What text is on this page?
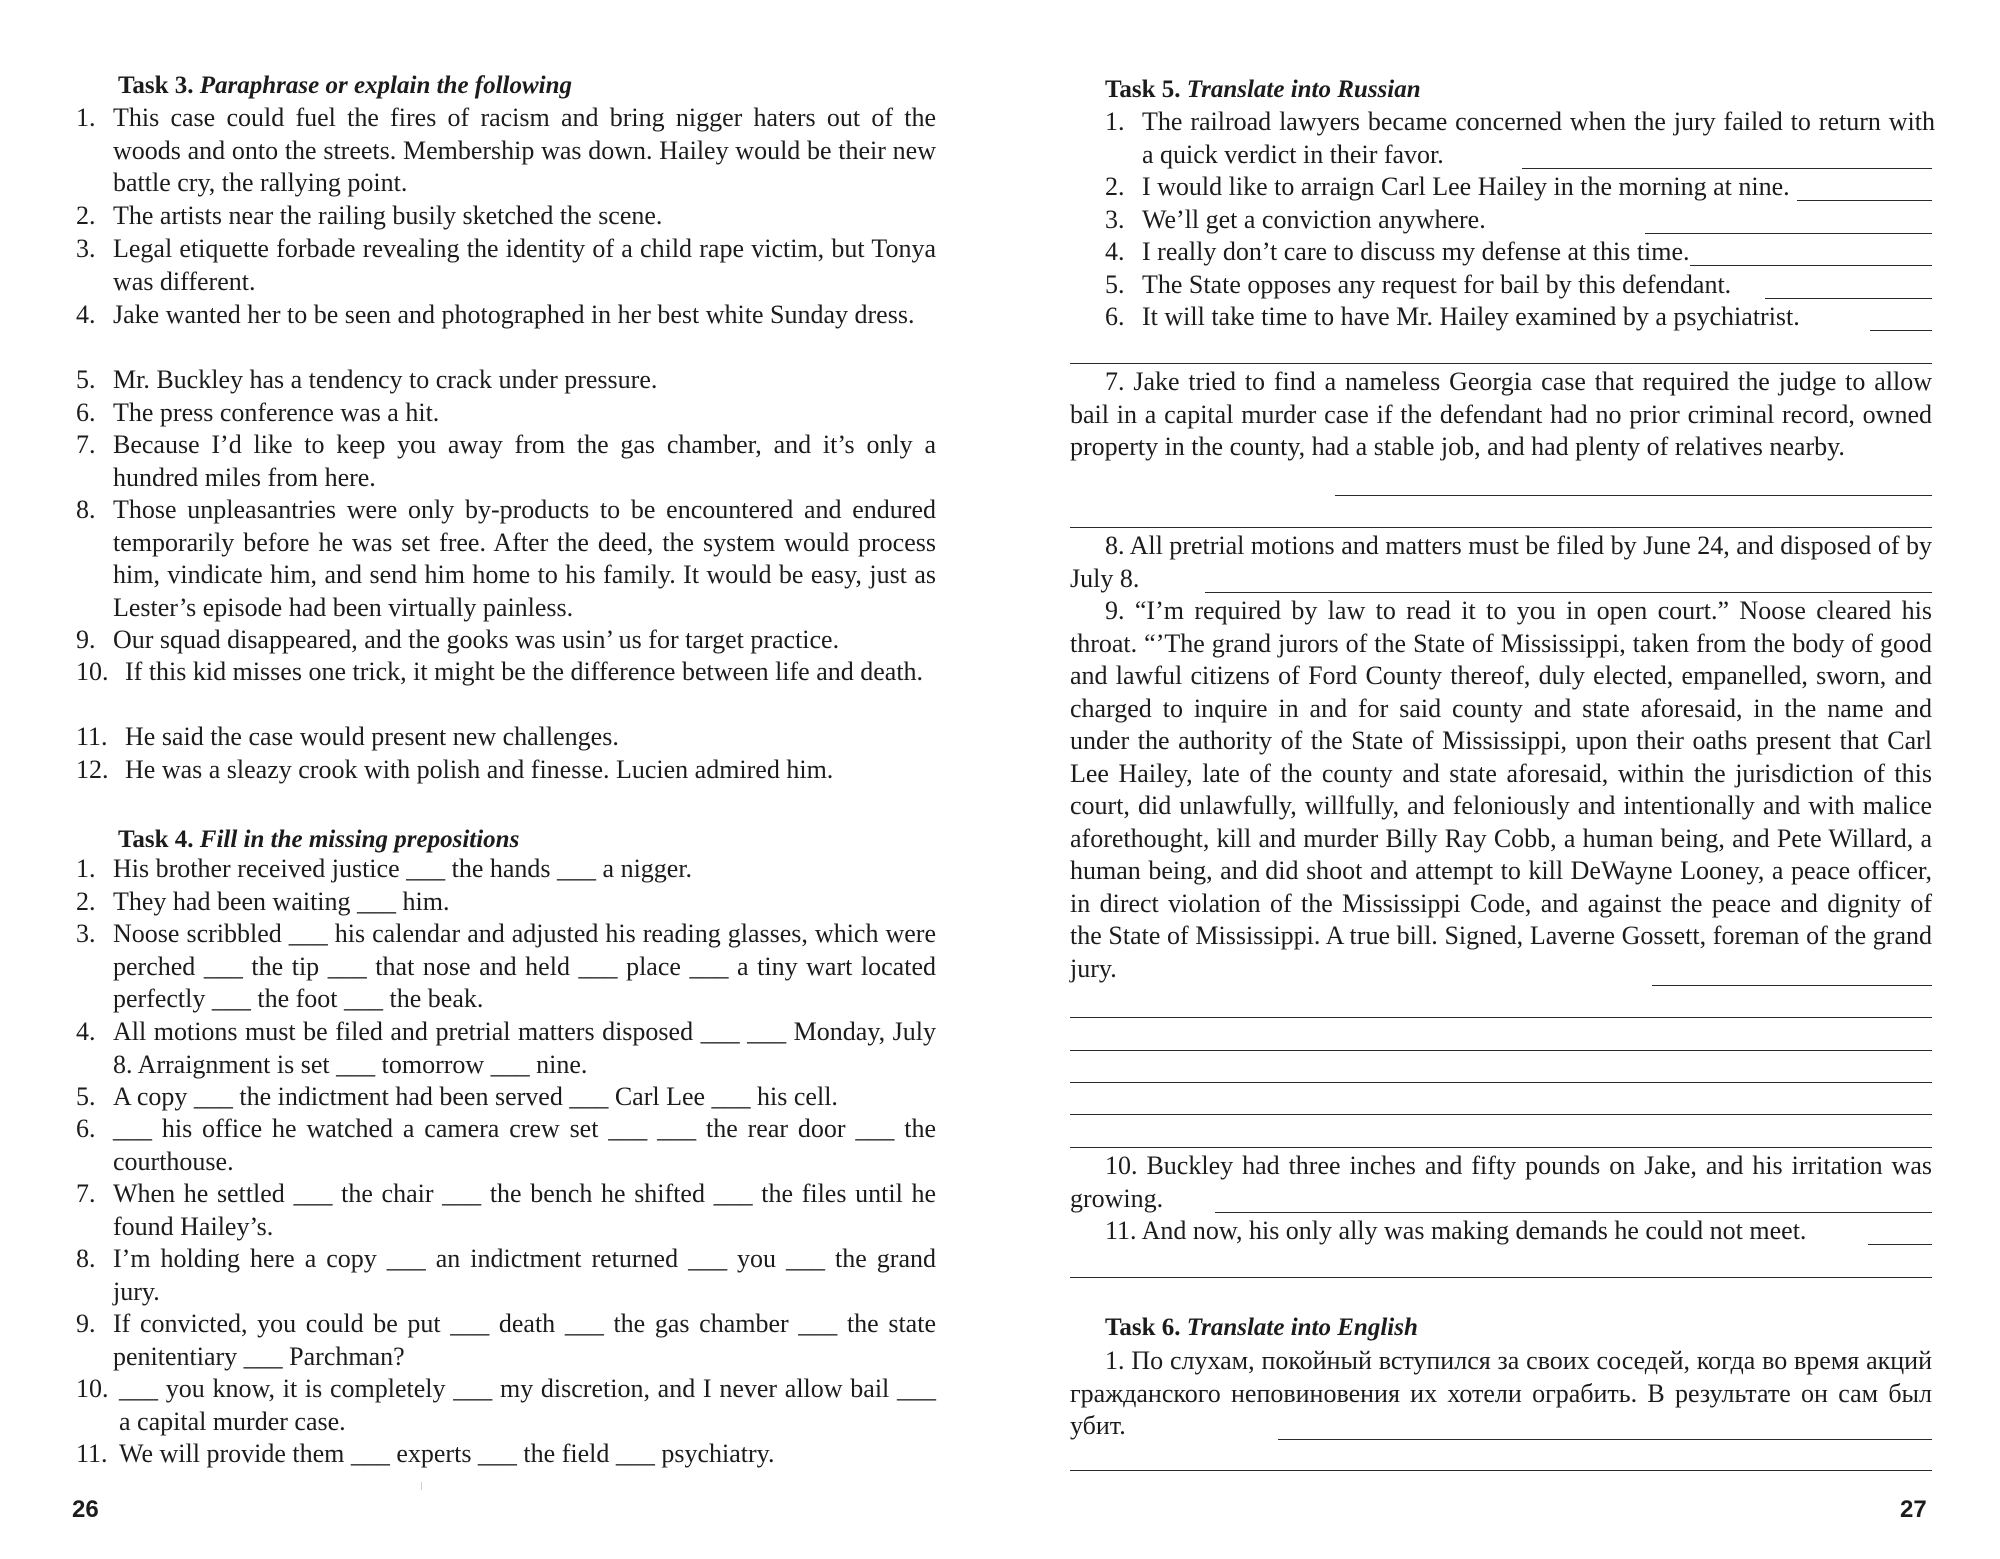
Task 3. Paraphrase or explain the following
1. This case could fuel the fires of racism and bring nigger haters out of the woods and onto the streets. Membership was down. Hailey would be their new battle cry, the rallying point.
2. The artists near the railing busily sketched the scene.
3. Legal etiquette forbade revealing the identity of a child rape victim, but Tonya was different.
4. Jake wanted her to be seen and photographed in her best white Sunday dress.
5. Mr. Buckley has a tendency to crack under pressure.
6. The press conference was a hit.
7. Because I’d like to keep you away from the gas chamber, and it’s only a hundred miles from here.
8. Those unpleasantries were only by-products to be encountered and endured temporarily before he was set free. After the deed, the system would process him, vindicate him, and send him home to his family. It would be easy, just as Lester’s episode had been virtually painless.
9. Our squad disappeared, and the gooks was usin’ us for target practice.
10. If this kid misses one trick, it might be the difference between life and death.
11. He said the case would present new challenges.
12. He was a sleazy crook with polish and finesse. Lucien admired him.
Task 4. Fill in the missing prepositions
1. His brother received justice ___ the hands ___ a nigger.
2. They had been waiting ___ him.
3. Noose scribbled ___ his calendar and adjusted his reading glasses, which were perched ___ the tip ___ that nose and held ___ place ___ a tiny wart located perfectly ___ the foot ___ the beak.
4. All motions must be filed and pretrial matters disposed ___ ___ Monday, July 8. Arraignment is set ___ tomorrow ___ nine.
5. A copy ___ the indictment had been served ___ Carl Lee ___ his cell.
6. ___ his office he watched a camera crew set ___ ___ the rear door ___ the courthouse.
7. When he settled ___ the chair ___ the bench he shifted ___ the files until he found Hailey’s.
8. I’m holding here a copy ___ an indictment returned ___ you ___ the grand jury.
9. If convicted, you could be put ___ death ___ the gas chamber ___ the state penitentiary ___ Parchman?
10. ___ you know, it is completely ___ my discretion, and I never allow bail ___ a capital murder case.
11. We will provide them ___ experts ___ the field ___ psychiatry.
26
Task 5. Translate into Russian
1. The railroad lawyers became concerned when the jury failed to return with a quick verdict in their favor.
2. I would like to arraign Carl Lee Hailey in the morning at nine.
3. We’ll get a conviction anywhere.
4. I really don’t care to discuss my defense at this time.
5. The State opposes any request for bail by this defendant.
6. It will take time to have Mr. Hailey examined by a psychiatrist.
7. Jake tried to find a nameless Georgia case that required the judge to allow bail in a capital murder case if the defendant had no prior criminal record, owned property in the county, had a stable job, and had plenty of relatives nearby.
8. All pretrial motions and matters must be filed by June 24, and disposed of by July 8.
9. “I’m required by law to read it to you in open court.” Noose cleared his throat. “’The grand jurors of the State of Mississippi, taken from the body of good and lawful citizens of Ford County thereof, duly elected, empanelled, sworn, and charged to inquire in and for said county and state aforesaid, in the name and under the authority of the State of Mississippi, upon their oaths present that Carl Lee Hailey, late of the county and state aforesaid, within the jurisdiction of this court, did unlawfully, willfully, and feloniously and intentionally and with malice aforethought, kill and murder Billy Ray Cobb, a human being, and Pete Willard, a human being, and did shoot and attempt to kill DeWayne Looney, a peace officer, in direct violation of the Mississippi Code, and against the peace and dignity of the State of Mississippi. A true bill. Signed, Laverne Gossett, foreman of the grand jury.
10. Buckley had three inches and fifty pounds on Jake, and his irritation was growing.
11. And now, his only ally was making demands he could not meet.
Task 6. Translate into English
1. По слухам, покойный вступился за своих соседей, когда во время акций гражданского неповиновения их хотели ограбить. В результате он сам был убит.
27
